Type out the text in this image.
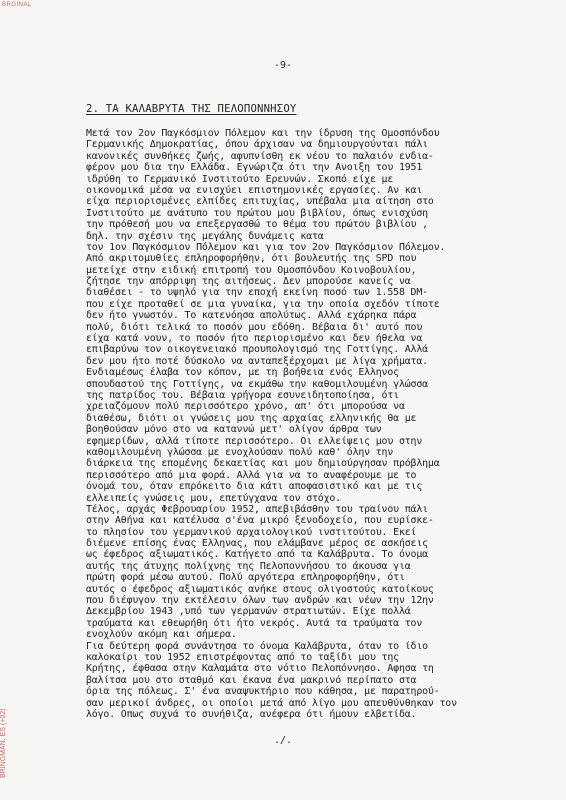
BRGINAL
BRINGMAN, ES (+02)
-9-
2. ΤΑ ΚΑΛΑΒΡΥΤΑ ΤΗΣ ΠΕΛΟΠΟΝΝΗΣΟΥ
Μετά τον 2ον Παγκόσμιον Πόλεμον και την ίδρυση της Ομοσπόνδου
Γερμανικής Δημοκρατίας, όπου άρχισαν να δημιουργούνται πάλι
κανονικές συνθήκες ζωής, αφυπνίσθη εκ νέου το παλαιόν ενδια-
φέρον μου δια την Ελλάδα. Εγνώριζα ότι την Ανοιξη του 1951
ιδρύθη το Γερμανικό Ινστιτούτο Ερευνών. Σκοπό είχε με
οικονομικά μέσα να ενισχύει επιστημονικές εργασίες. Αν και
είχα περιορισμένες ελπίδες επιτυχίας, υπέβαλα μια αίτηση στο
Ινστιτούτο με ανάτυπο του πρώτου μου βιβλίου, όπως ενισχύση
την πρόθεσή μου να επεξεργασθώ το θέμα του πρώτου βιβλίου ,
δηλ. την σχέσιν της μεγάλης δυνάμεις κατα
τον 1ον Παγκόσμιον Πόλεμον και για τον 2ον Παγκόσμιον Πόλεμον.
Από ακριτομυθίες επληροφορήθην, ότι βουλευτής της SPD που
μετείχε στην ειδική επιτροπή του Ομοσπόνδου Κοινοβουλίου,
ζήτησε την απόρριψη της αιτήσεως. Δεν μπορούσε κανείς να
διαθέσει - το υψηλό για την εποχή εκείνη ποσό των 1.558 DM-
που είχε προταθεί σε μια γυναίκα, για την οποία σχεδόν τίποτε
δεν ήτο γνωστόν. Το κατενόησα απολύτως. Αλλά εχάρηκα πάρα
πολύ, διότι τελικά το ποσόν μου εδόθη. Βέβαια δι' αυτό που
είχα κατά νουν, το ποσόν ήτο περιορισμένο και δεν ήθελα να
επιβαρύνω τον οικογενειακό προυπολογισμό της Γοττίγης. Αλλά
δεν μου ήτο ποτέ δύσκολο να ανταπεξέρχομαι με λίγα χρήματα.
Ενδιαμέσως έλαβα τον κόπον, με τη βοήθεια ενός Ελληνος
σπουδαστού της Γοττίγης, να εκμάθω την καθομιλουμένη γλώσσα
της πατρίδος του. Βέβαια γρήγορα εσυνειδητοποίησα, ότι
χρειαζόμουν πολύ περισσότερο χρόνο, απ' ότι μπορούσα να
διαθέσω, διότι οι γνώσεις μου της αρχαίας ελληνικής θα με
βοηθούσαν μόνο στο να καταννώ μετ' ολίγον άρθρα των
εφημερίδων, αλλά τίποτε περισσότερο. Οι ελλείψεις μου στην
καθομιλουμένη γλώσσα με ενοχλούσαν πολύ καθ' όλην την
διάρκεια της επομένης δεκαετίας και μου δημιούργησαν πρόβλημα
περισσότερο από μια φορά. Αλλά για να το αναφέρουμε με το
όνομά του, όταν επρόκειτο δια κάτι αποφασιστικό και με τις
ελλειπείς γνώσεις μου, επετύγχανα τον στόχο.
Τέλος, αρχάς Φεβρουαρίου 1952, απεβιβάσθην του τραίνου πάλι
στην Αθήνα και κατέλυσα σ'ένα μικρό ξενοδοχείο, που ευρίσκε-
το πλησίον του γερμανικού αρχαιολογικού ινστιτούτου. Εκεί
διέμενε επίσης ένας Ελληνας, που ελάμβανε μέρος σε ασκήσεις
ως έφεδρος αξιωματικός. Κατήγετο από τα Καλάβρυτα. Το όνομα
αυτής της άτυχης πολίχνης της Πελοποννήσου το άκουσα για
πρώτη φορά μέσω αυτού. Πολύ αργότερα επληροφορήθην, ότι
αυτός ο έφεδρος αξιωματικός ανήκε στους ολιγοστούς κατοίκους
που διέφυγον την εκτέλεσιν όλων των ανδρών και νέων την 12ην
Δεκεμβρίου 1943 ,υπό των γερμανών στρατιωτών. Είχε πολλά
τραύματα και εθεωρήθη ότι ήτο νεκρός. Αυτά τα τραύματα τον
ενοχλούν ακόμη και σήμερα.
Για δεύτερη φορά συνάντησα το όνομα Καλάβρυτα, όταν το ίδιο
καλοκαίρι του 1952 επιστρέφοντας από το ταξίδι μου της
Κρήτης, έφθασα στην Καλαμάτα στο νότιο Πελοπόννησο. Αφησα τη
βαλίτσα μου στο σταθμό και έκανα ένα μακρινό περίπατο στα
όρια της πόλεως. Σ' ένα αναψυκτήριο που κάθησα, με παρατηρού-
σαν μερικοί άνδρες, οι οποίοι μετά από λίγο μου απευθύνθηκαν τον
λόγο. Οπως συχνά το συνήθιζα, ανέφερα ότι ήμουν ελβετίδα.
./.
